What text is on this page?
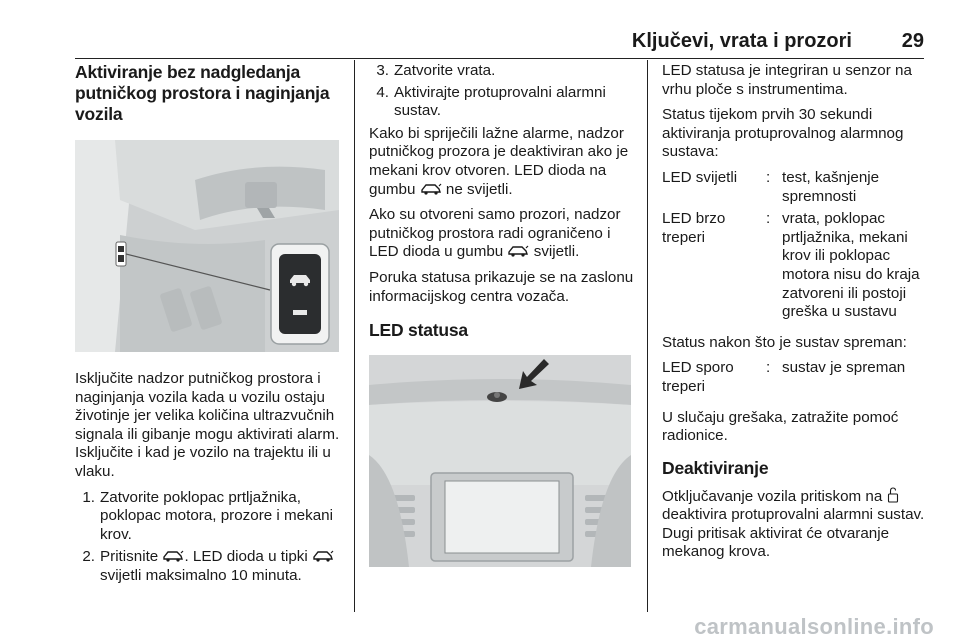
Ključevi, vrata i prozori 29
Aktiviranje bez nadgledanja putničkog prostora i naginjanja vozila

Isključite nadzor putničkog prostora i naginjanja vozila kada u vozilu ostaju životinje jer velika količina ultrazvučnih signala ili gibanje mogu aktivirati alarm. Isključite i kad je vozilo na trajektu ili u vlaku.

1. Zatvorite poklopac prtljažnika, poklopac motora, prozore i mekani krov.
2. Pritisnite . LED dioda u tipki  svijetli maksimalno 10 minuta.
3. Zatvorite vrata.
4. Aktivirajte protuprovalni alarmni sustav.

Kako bi spriječili lažne alarme, nadzor putničkog prozora je deaktiviran ako je mekani krov otvoren. LED dioda na gumbu ne svijetli.

Ako su otvoreni samo prozori, nadzor putničkog prostora radi ograničeno i LED dioda u gumbu svijetli.

Poruka statusa prikazuje se na zaslonu informacijskog centra vozača.

LED statusa

LED statusa je integriran u senzor na vrhu ploče s instrumentima.

Status tijekom prvih 30 sekundi aktiviranja protuprovalnog alarmnog sustava:

LED svijetli	:	test, kašnjenje spremnosti
LED brzo treperi	:	vrata, poklopac prtljažnika, mekani krov ili poklopac motora nisu do kraja zatvoreni ili postoji greška u sustavu

Status nakon što je sustav spreman:

LED sporo treperi	:	sustav je spreman

U slučaju grešaka, zatražite pomoć radionice.

Deaktiviranje

Otključavanje vozila pritiskom na  deaktivira protuprovalni alarmni sustav. Dugi pritisak aktivirat će otvaranje mekanog krova.

carmanualsonline.info
